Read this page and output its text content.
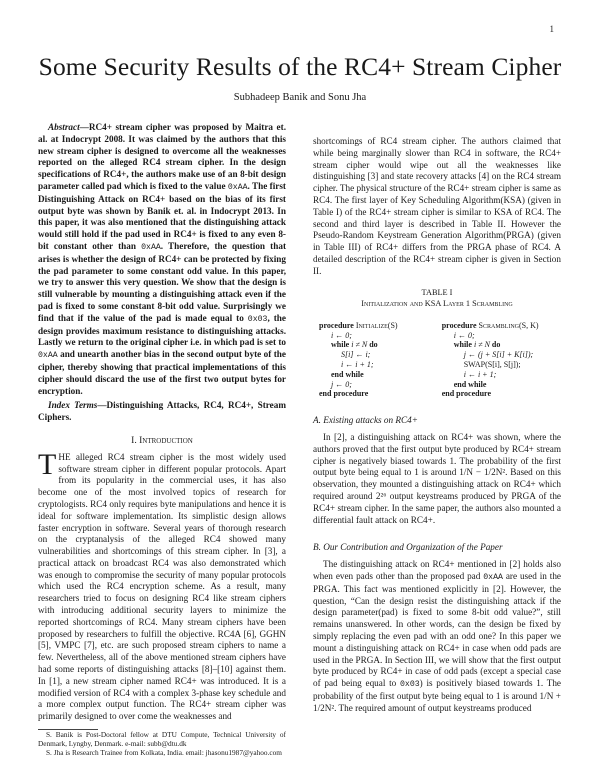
1
Some Security Results of the RC4+ Stream Cipher
Subhadeep Banik and Sonu Jha

Abstract—RC4+ stream cipher was proposed by Maitra et. al. at Indocrypt 2008. It was claimed by the authors that this new stream cipher is designed to overcome all the weaknesses reported on the alleged RC4 stream cipher. In the design specifications of RC4+, the authors make use of an 8-bit design parameter called pad which is fixed to the value 0xAA. The first Distinguishing Attack on RC4+ based on the bias of its first output byte was shown by Banik et. al. in Indocrypt 2013. In this paper, it was also mentioned that the distinguishing attack would still hold if the pad used in RC4+ is fixed to any even 8-bit constant other than 0xAA. Therefore, the question that arises is whether the design of RC4+ can be protected by fixing the pad parameter to some constant odd value. In this paper, we try to answer this very question. We show that the design is still vulnerable by mounting a distinguishing attack even if the pad is fixed to some constant 8-bit odd value. Surprisingly we find that if the value of the pad is made equal to 0x03, the design provides maximum resistance to distinguishing attacks. Lastly we return to the original cipher i.e. in which pad is set to 0xAA and unearth another bias in the second output byte of the cipher, thereby showing that practical implementations of this cipher should discard the use of the first two output bytes for encryption.

Index Terms—Distinguishing Attacks, RC4, RC4+, Stream Ciphers.

I. Introduction

THE alleged RC4 stream cipher is the most widely used software stream cipher in different popular protocols. Apart from its popularity in the commercial uses, it has also become one of the most involved topics of research for cryptologists. RC4 only requires byte manipulations and hence it is ideal for software implementation. Its simplistic design allows faster encryption in software. Several years of thorough research on the cryptanalysis of the alleged RC4 showed many vulnerabilities and shortcomings of this stream cipher. In [3], a practical attack on broadcast RC4 was also demonstrated which was enough to compromise the security of many popular protocols which used the RC4 encryption scheme. As a result, many researchers tried to focus on designing RC4 like stream ciphers with introducing additional security layers to minimize the reported shortcomings of RC4. Many stream ciphers have been proposed by researchers to fulfill the objective. RC4A [6], GGHN [5], VMPC [7], etc. are such proposed stream ciphers to name a few. Nevertheless, all of the above mentioned stream ciphers have had some reports of distinguishing attacks [8]–[10] against them. In [1], a new stream cipher named RC4+ was introduced. It is a modified version of RC4 with a complex 3-phase key schedule and a more complex output function. The RC4+ stream cipher was primarily designed to over come the weaknesses and

S. Banik is Post-Doctoral fellow at DTU Compute, Technical University of Denmark, Lyngby, Denmark. e-mail: subb@dtu.dk

S. Jha is Research Trainee from Kolkata, India. email: jhasonu1987@yahoo.com

shortcomings of RC4 stream cipher. The authors claimed that while being marginally slower than RC4 in software, the RC4+ stream cipher would wipe out all the weaknesses like distinguishing [3] and state recovery attacks [4] on the RC4 stream cipher. The physical structure of the RC4+ stream cipher is same as RC4. The first layer of Key Scheduling Algorithm(KSA) (given in Table I) of the RC4+ stream cipher is similar to KSA of RC4. The second and third layer is described in Table II. However the Pseudo-Random Keystream Generation Algorithm(PRGA) (given in Table III) of RC4+ differs from the PRGA phase of RC4. A detailed description of the RC4+ stream cipher is given in Section II.

TABLE I
Initialization and KSA Layer 1 Scrambling
procedure Initialize(S)
i ← 0;
while i ≠ N do
S[i] ← i;
i ← i + 1;
end while
j ← 0;
end procedure
procedure Scrambling(S, K)
i ← 0;
while i ≠ N do
j ← (j + S[i] + K[i]);
SWAP(S[i], S[j]);
i ← i + 1;
end while
end procedure
A. Existing attacks on RC4+

In [2], a distinguishing attack on RC4+ was shown, where the authors proved that the first output byte produced by RC4+ stream cipher is negatively biased towards 1. The probability of the first output byte being equal to 1 is around 1/N − 1/2N². Based on this observation, they mounted a distinguishing attack on RC4+ which required around 2²⁶ output keystreams produced by PRGA of the RC4+ stream cipher. In the same paper, the authors also mounted a differential fault attack on RC4+.

B. Our Contribution and Organization of the Paper

The distinguishing attack on RC4+ mentioned in [2] holds also when even pads other than the proposed pad 0xAA are used in the PRGA. This fact was mentioned explicitly in [2]. However, the question, “Can the design resist the distinguishing attack if the design parameter(pad) is fixed to some 8-bit odd value?”, still remains unanswered. In other words, can the design be fixed by simply replacing the even pad with an odd one? In this paper we mount a distinguishing attack on RC4+ in case when odd pads are used in the PRGA. In Section III, we will show that the first output byte produced by RC4+ in case of odd pads (except a special case of pad being equal to 0x03) is positively biased towards 1. The probability of the first output byte being equal to 1 is around 1/N + 1/2N². The required amount of output keystreams produced
